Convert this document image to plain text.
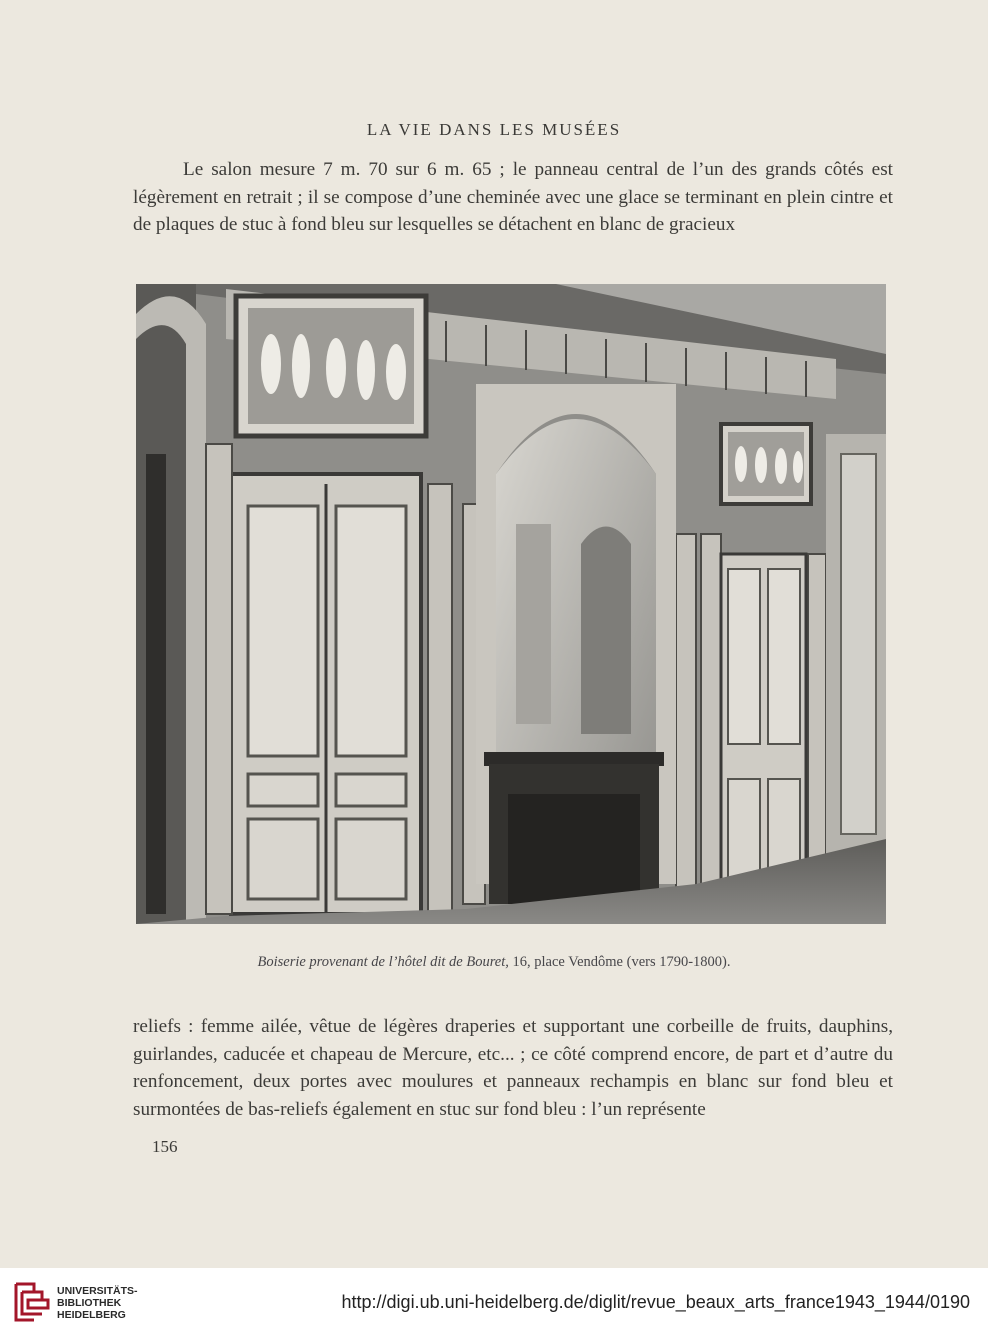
LA VIE DANS LES MUSÉES

Le salon mesure 7 m. 70 sur 6 m. 65 ; le panneau central de l’un des grands côtés est légèrement en retrait ; il se compose d’une cheminée avec une glace se terminant en plein cintre et de plaques de stuc à fond bleu sur lesquelles se détachent en blanc de gracieux

Boiserie provenant de l’hôtel dit de Bouret, 16, place Vendôme (vers 1790-1800).

reliefs : femme ailée, vêtue de légères draperies et supportant une corbeille de fruits, dauphins, guirlandes, caducée et chapeau de Mercure, etc... ; ce côté comprend encore, de part et d’autre du renfoncement, deux portes avec moulures et panneaux rechampis en blanc sur fond bleu et surmontées de bas-reliefs également en stuc sur fond bleu : l’un représente

156
UNIVERSITÄTS-
BIBLIOTHEK
HEIDELBERG
http://digi.ub.uni-heidelberg.de/diglit/revue_beaux_arts_france1943_1944/0190
